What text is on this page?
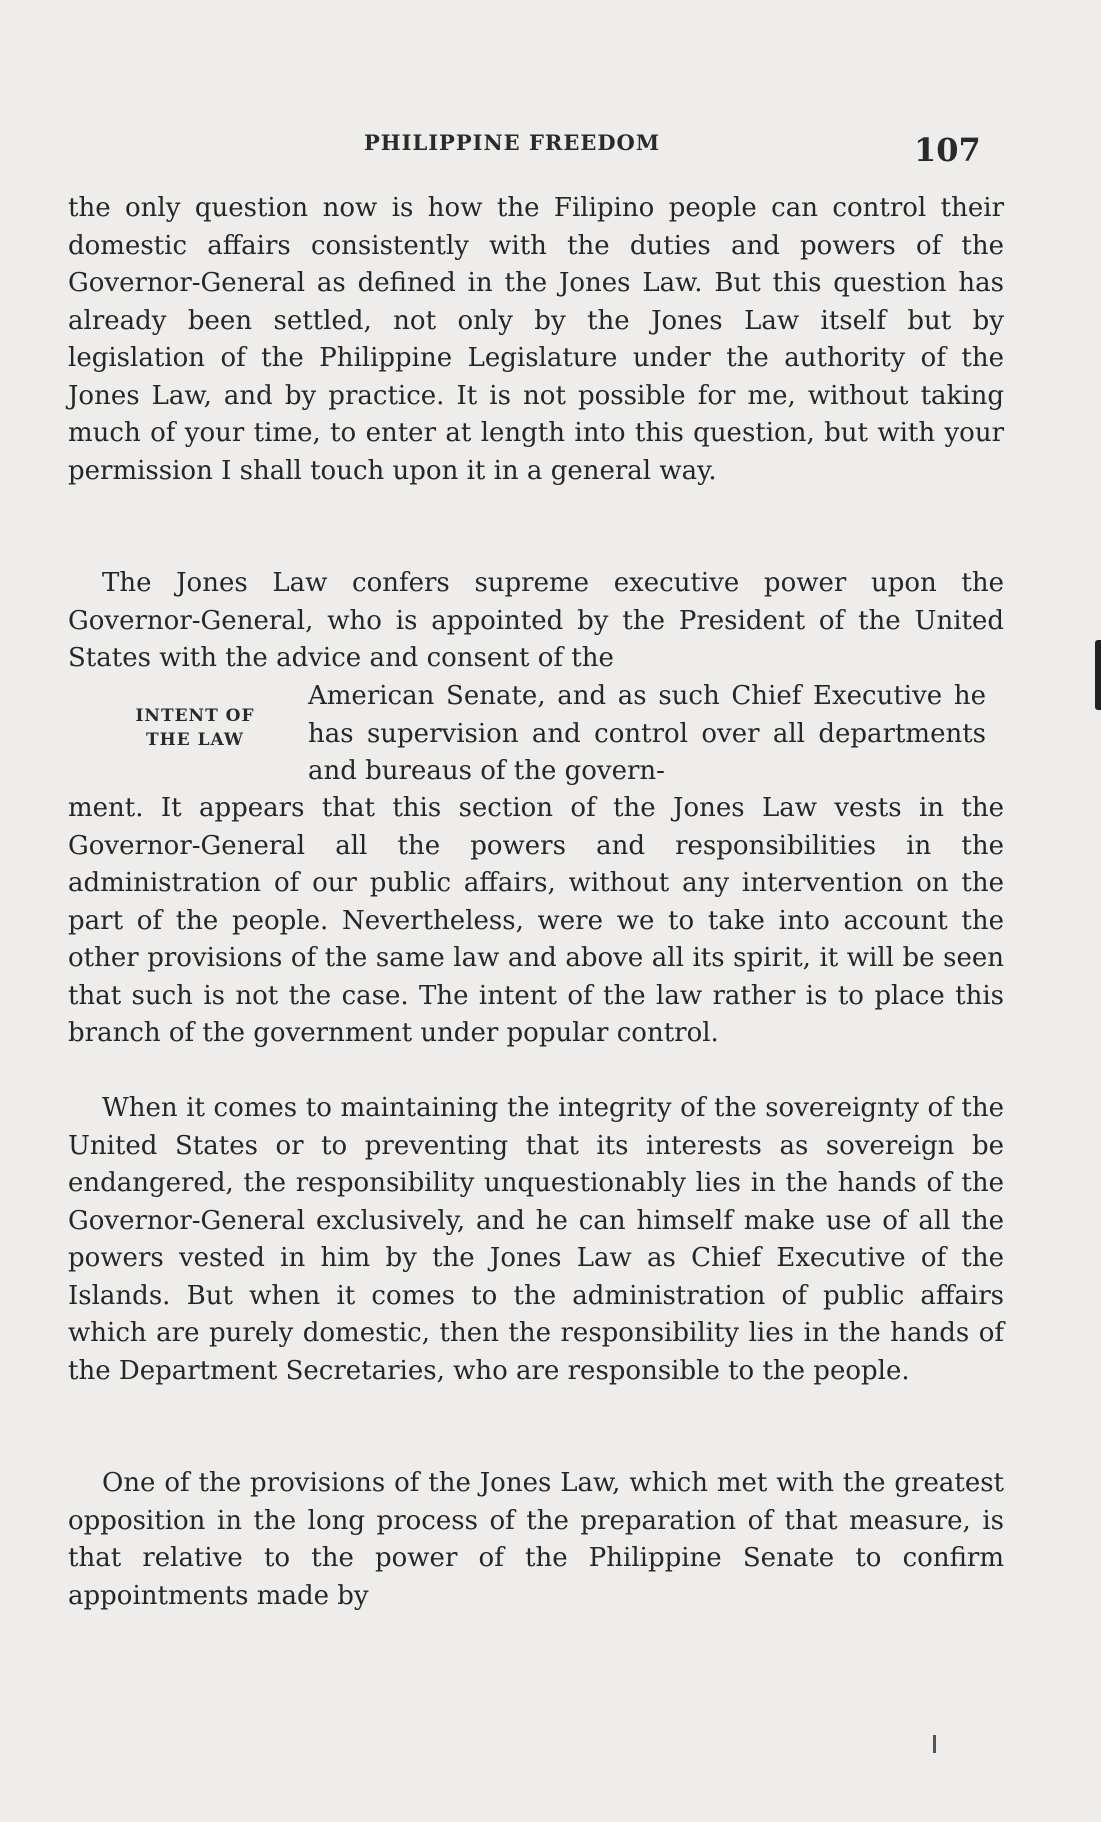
PHILIPPINE FREEDOM	107

the only question now is how the Filipino people can control their domestic affairs consistently with the duties and powers of the Governor-General as defined in the Jones Law. But this question has already been settled, not only by the Jones Law itself but by legislation of the Philippine Legislature under the authority of the Jones Law, and by practice. It is not possible for me, without taking much of your time, to enter at length into this question, but with your permission I shall touch upon it in a general way.

The Jones Law confers supreme executive power upon the Governor-General, who is appointed by the President of the United States with the advice and consent of the

INTENT OF
THE LAW

American Senate, and as such Chief Executive he has supervision and control over all departments and bureaus of the govern-

ment. It appears that this section of the Jones Law vests in the Governor-General all the powers and responsibilities in the administration of our public affairs, without any intervention on the part of the people. Nevertheless, were we to take into account the other provisions of the same law and above all its spirit, it will be seen that such is not the case. The intent of the law rather is to place this branch of the government under popular control.

When it comes to maintaining the integrity of the sovereignty of the United States or to preventing that its interests as sovereign be endangered, the responsibility unquestionably lies in the hands of the Governor-General exclusively, and he can himself make use of all the powers vested in him by the Jones Law as Chief Executive of the Islands. But when it comes to the administration of public affairs which are purely domestic, then the responsibility lies in the hands of the Department Secretaries, who are responsible to the people.

One of the provisions of the Jones Law, which met with the greatest opposition in the long process of the preparation of that measure, is that relative to the power of the Philippine Senate to confirm appointments made by
